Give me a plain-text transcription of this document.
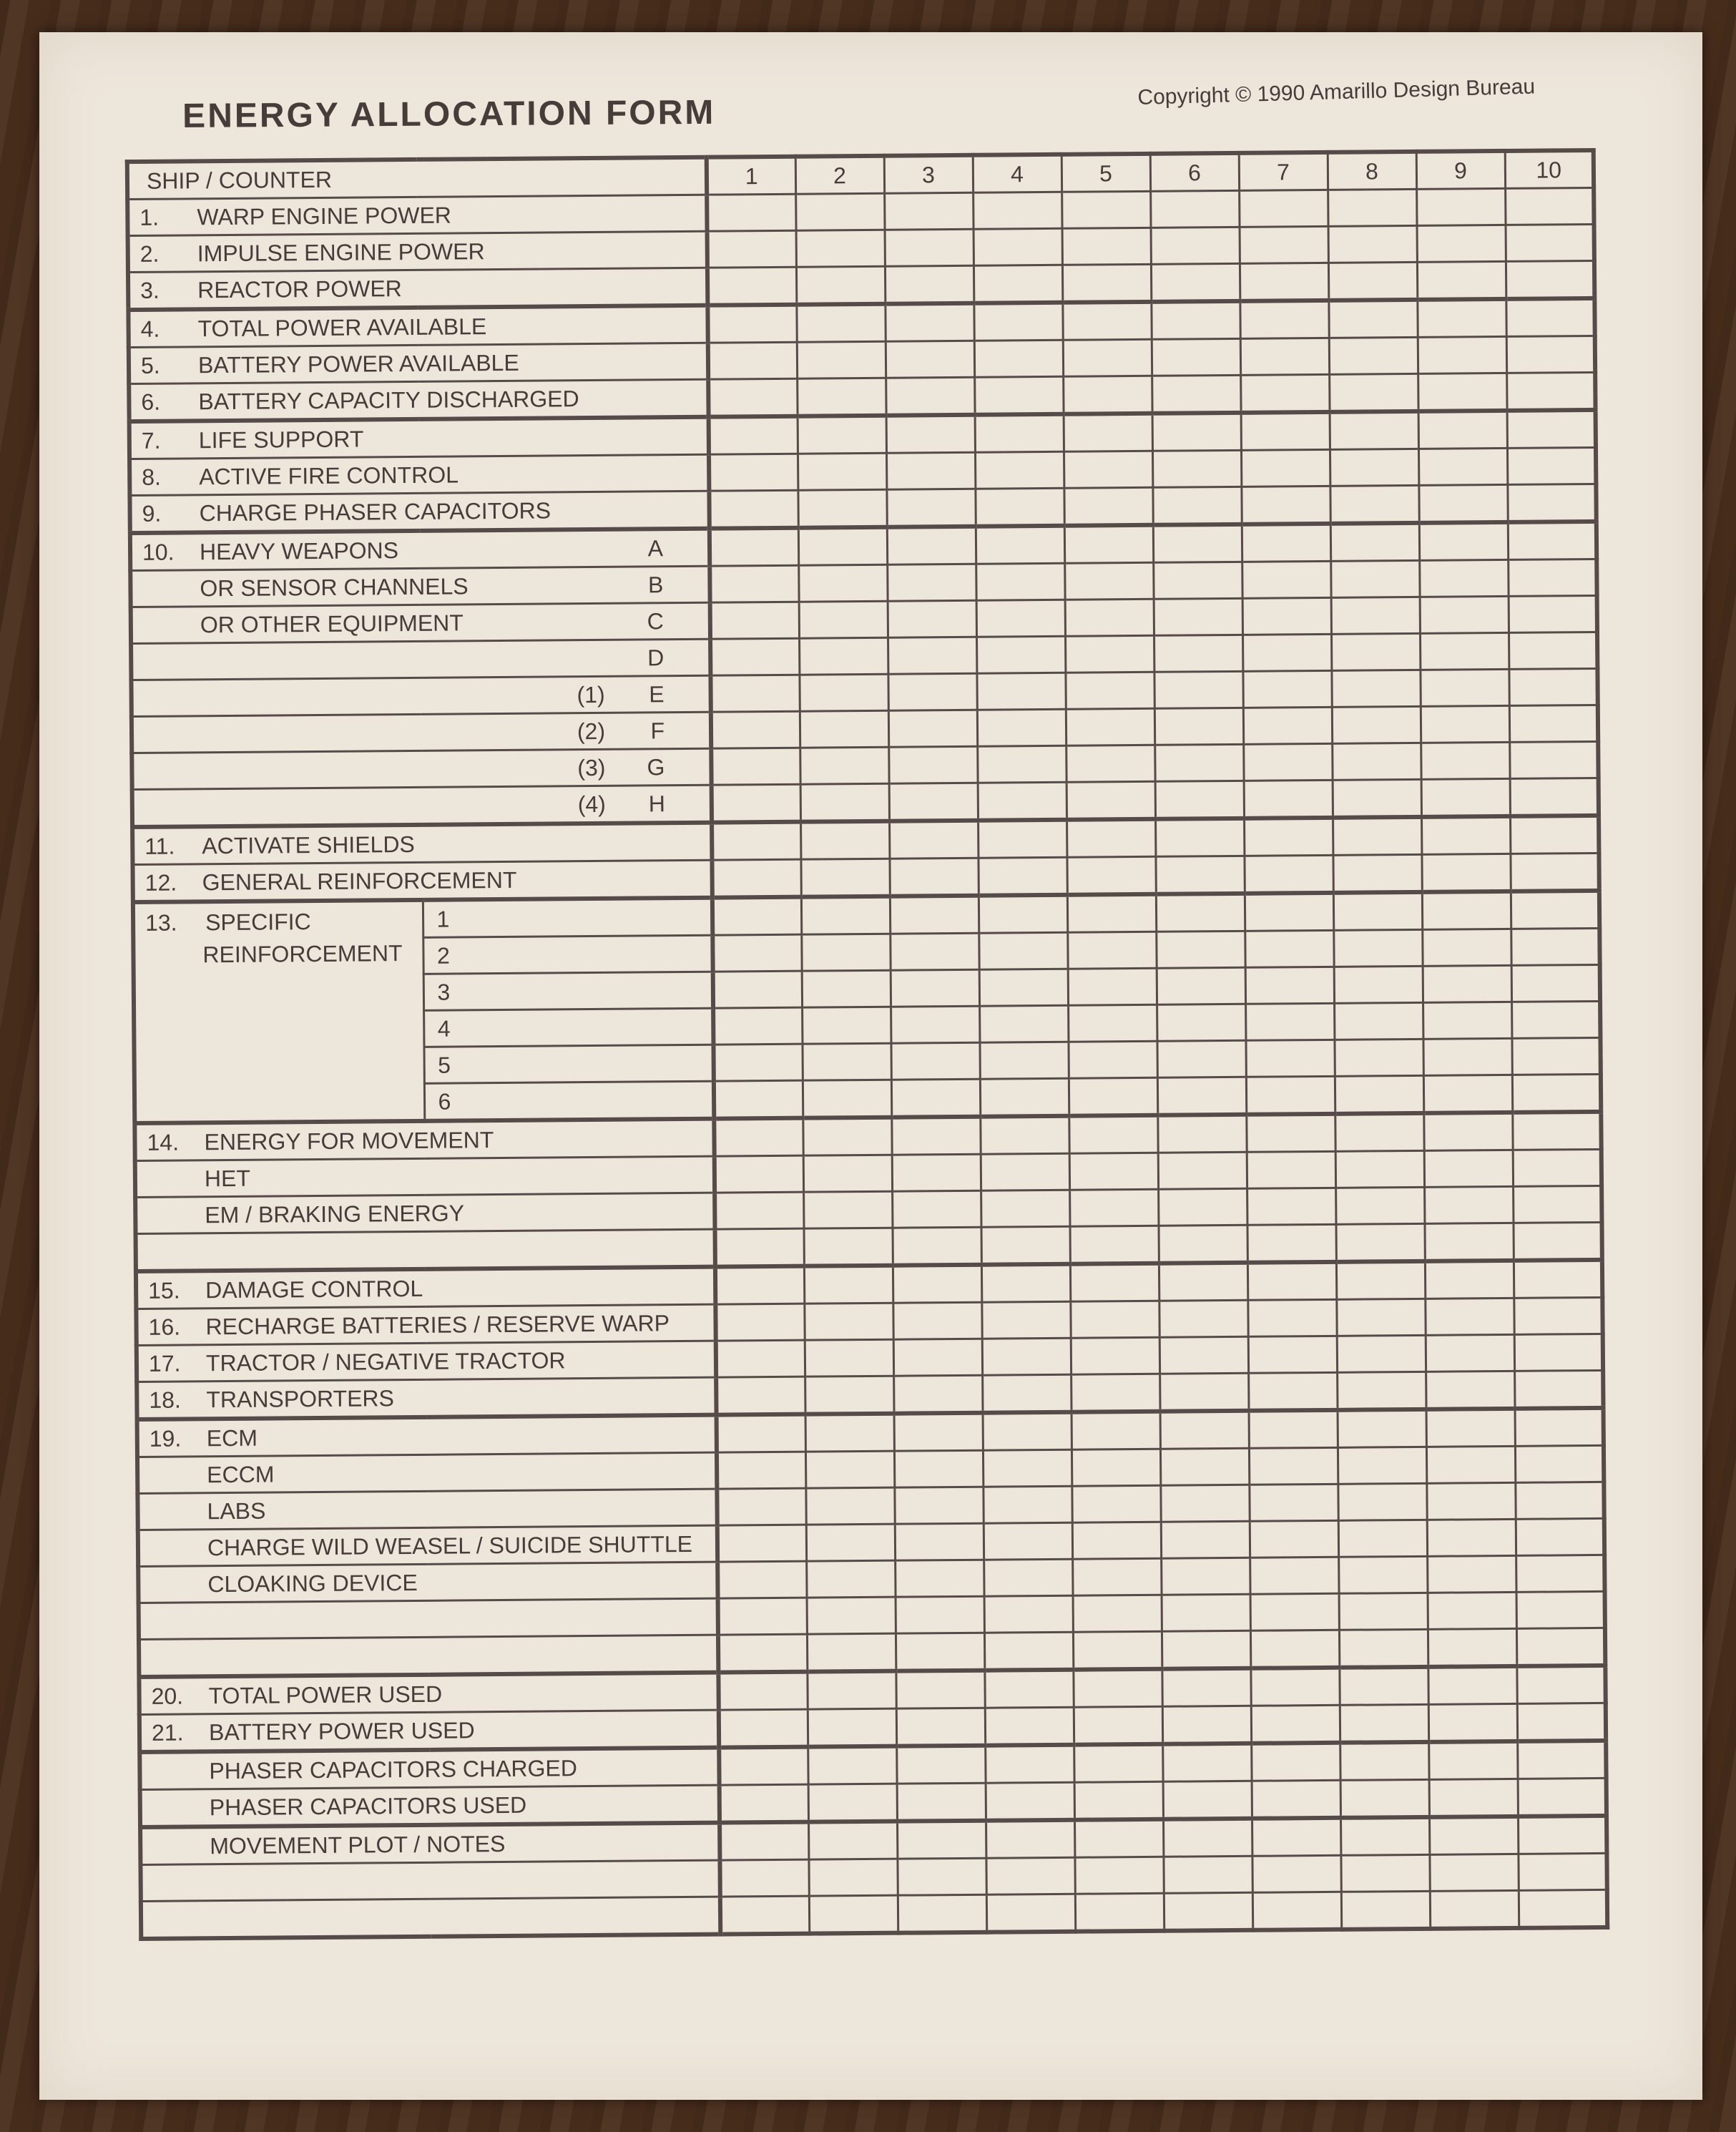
ENERGY ALLOCATION FORM
Copyright © 1990 Amarillo Design Bureau
SHIP / COUNTER		1	2	3	4	5	6	7	8	9	10

1. WARP ENGINE POWER											

2. IMPULSE ENGINE POWER											

3. REACTOR POWER											

4. TOTAL POWER AVAILABLE											

5. BATTERY POWER AVAILABLE											

6. BATTERY CAPACITY DISCHARGED											

7. LIFE SUPPORT											

8. ACTIVE FIRE CONTROL											

9. CHARGE PHASER CAPACITORS											

10. HEAVY WEAPONS A											

OR SENSOR CHANNELS B											

OR OTHER EQUIPMENT C											

D											

(1) E											

(2) F											

(3) G											

(4) H											

11. ACTIVATE SHIELDS											

12. GENERAL REINFORCEMENT											

13. SPECIFIC
REINFORCEMENT	1										
	2										
	3										
	4										
	5										
	6										

14. ENERGY FOR MOVEMENT											

HET											

EM / BRAKING ENERGY											

15. DAMAGE CONTROL											

16. RECHARGE BATTERIES / RESERVE WARP											

17. TRACTOR / NEGATIVE TRACTOR											

18. TRANSPORTERS											

19. ECM											

ECCM											

LABS											

CHARGE WILD WEASEL / SUICIDE SHUTTLE											

CLOAKING DEVICE											

20. TOTAL POWER USED											

21. BATTERY POWER USED											

PHASER CAPACITORS CHARGED											

PHASER CAPACITORS USED											

MOVEMENT PLOT / NOTES											
